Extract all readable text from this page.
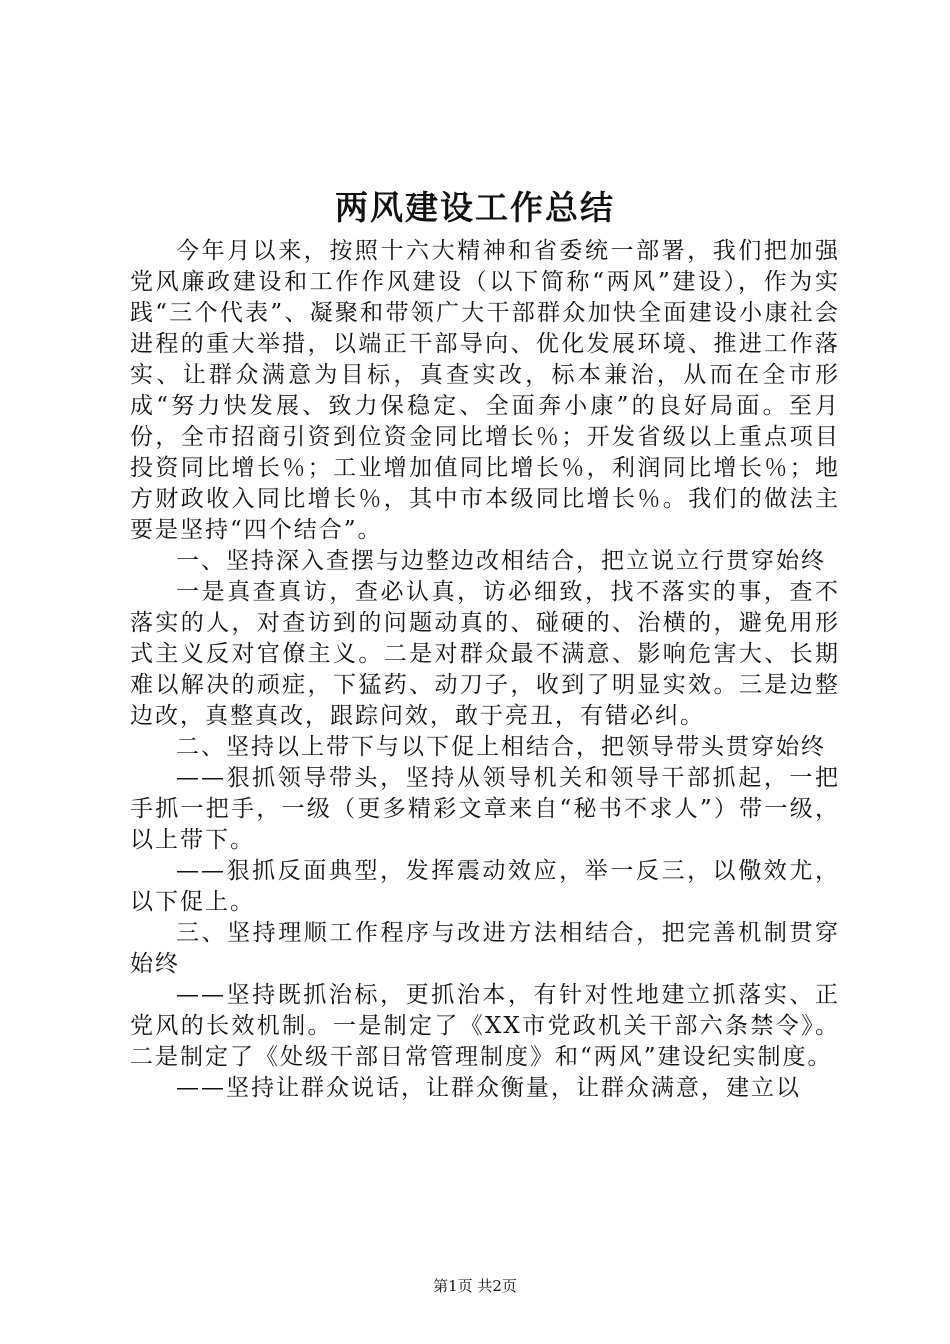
两风建设工作总结

今年月以来，按照十六大精神和省委统一部署，我们把加强党风廉政建设和工作作风建设（以下简称“两风”建设），作为实践“三个代表”、凝聚和带领广大干部群众加快全面建设小康社会进程的重大举措，以端正干部导向、优化发展环境、推进工作落实、让群众满意为目标，真查实改，标本兼治，从而在全市形成“努力快发展、致力保稳定、全面奔小康”的良好局面。至月份，全市招商引资到位资金同比增长％；开发省级以上重点项目投资同比增长％；工业增加值同比增长％，利润同比增长％；地方财政收入同比增长％，其中市本级同比增长％。我们的做法主要是坚持“四个结合”。

一、坚持深入查摆与边整边改相结合，把立说立行贯穿始终

一是真查真访，查必认真，访必细致，找不落实的事，查不落实的人，对查访到的问题动真的、碰硬的、治横的，避免用形式主义反对官僚主义。二是对群众最不满意、影响危害大、长期难以解决的顽症，下猛药、动刀子，收到了明显实效。三是边整边改，真整真改，跟踪问效，敢于亮丑，有错必纠。

二、坚持以上带下与以下促上相结合，把领导带头贯穿始终

——狠抓领导带头，坚持从领导机关和领导干部抓起，一把手抓一把手，一级（更多精彩文章来自“秘书不求人”）带一级，以上带下。

——狠抓反面典型，发挥震动效应，举一反三，以儆效尤，以下促上。

三、坚持理顺工作程序与改进方法相结合，把完善机制贯穿始终

——坚持既抓治标，更抓治本，有针对性地建立抓落实、正党风的长效机制。一是制定了《XX市党政机关干部六条禁令》。二是制定了《处级干部日常管理制度》和“两风”建设纪实制度。

——坚持让群众说话，让群众衡量，让群众满意，建立以

第1页 共2页
